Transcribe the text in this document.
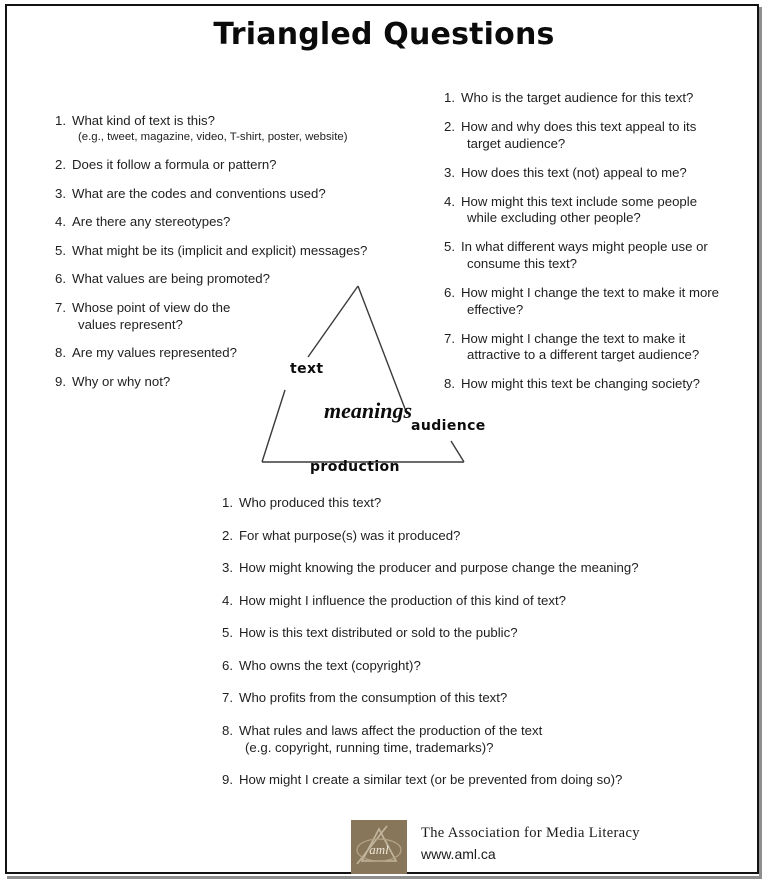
Triangled Questions
1. What kind of text is this?
(e.g., tweet, magazine, video, T-shirt, poster, website)
2. Does it follow a formula or pattern?
3. What are the codes and conventions used?
4. Are there any stereotypes?
5. What might be its (implicit and explicit) messages?
6. What values are being promoted?
7. Whose point of view do the
values represent?
8. Are my values represented?
9. Why or why not?
1. Who is the target audience for this text?
2. How and why does this text appeal to its
target audience?
3. How does this text (not) appeal to me?
4. How might this text include some people
while excluding other people?
5. In what different ways might people use or
consume this text?
6. How might I change the text to make it more
effective?
7. How might I change the text to make it
attractive to a different target audience?
8. How might this text be changing society?
text
audience
production
meanings
1. Who produced this text?
2. For what purpose(s) was it produced?
3. How might knowing the producer and purpose change the meaning?
4. How might I influence the production of this kind of text?
5. How is this text distributed or sold to the public?
6. Who owns the text (copyright)?
7. Who profits from the consumption of this text?
8. What rules and laws affect the production of the text
(e.g. copyright, running time, trademarks)?
9. How might I create a similar text (or be prevented from doing so)?
aml
The Association for Media Literacy
www.aml.ca
